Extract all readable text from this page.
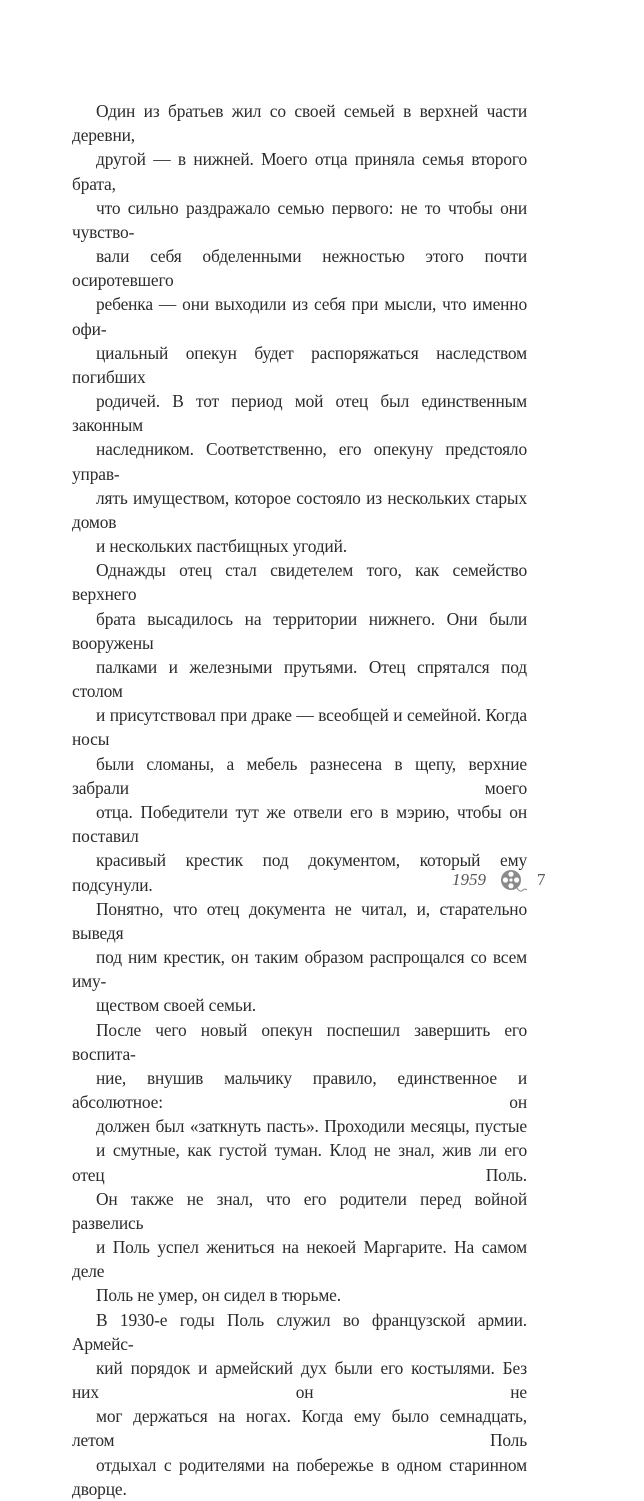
Один из братьев жил со своей семьей в верхней части деревни,
другой — в нижней. Моего отца приняла семья второго брата,
что сильно раздражало семью первого: не то чтобы они чувство-
вали себя обделенными нежностью этого почти осиротевшего
ребенка — они выходили из себя при мысли, что именно офи-
циальный опекун будет распоряжаться наследством погибших
родичей. В тот период мой отец был единственным законным
наследником. Соответственно, его опекуну предстояло управ-
лять имуществом, которое состояло из нескольких старых домов
и нескольких пастбищных угодий.

Однажды отец стал свидетелем того, как семейство верхнего
брата высадилось на территории нижнего. Они были вооружены
палками и железными прутьями. Отец спрятался под столом
и присутствовал при драке — всеобщей и семейной. Когда носы
были сломаны, а мебель разнесена в щепу, верхние забрали моего
отца. Победители тут же отвели его в мэрию, чтобы он поставил
красивый крестик под документом, который ему подсунули.
Понятно, что отец документа не читал, и, старательно выведя
под ним крестик, он таким образом распрощался со всем иму-
ществом своей семьи.

После чего новый опекун поспешил завершить его воспита-
ние, внушив мальчику правило, единственное и абсолютное: он
должен был «заткнуть пасть». Проходили месяцы, пустые
и смутные, как густой туман. Клод не знал, жив ли его отец Поль.
Он также не знал, что его родители перед войной развелись
и Поль успел жениться на некоей Маргарите. На самом деле
Поль не умер, он сидел в тюрьме.

В 1930-е годы Поль служил во французской армии. Армейс-
кий порядок и армейский дух были его костылями. Без них он не
мог держаться на ногах. Когда ему было семнадцать, летом Поль
отдыхал с родителями на побережье в одном старинном дворце.

1959	7
